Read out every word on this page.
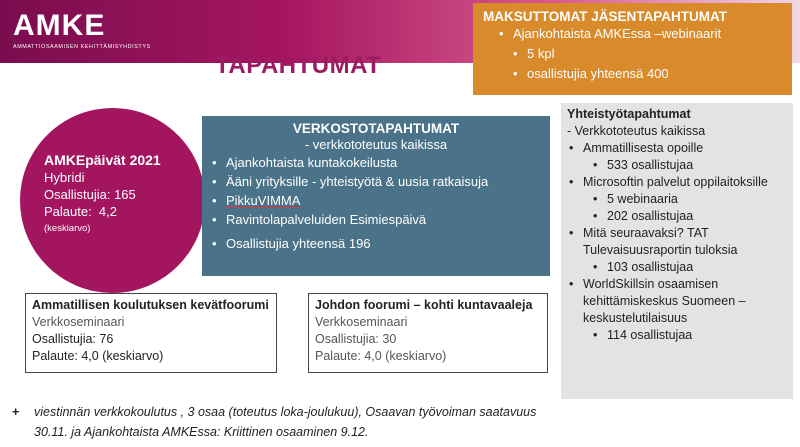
AMKE
AMMATTIOSAAMISEN KEHITTÄMISYHDISTYS
TAPAHTUMAT
MAKSUTTOMAT JÄSENTAPAHTUMAT
• Ajankohtaista AMKEssa –webinaarit
• 5 kpl
• osallistujia yhteensä 400
AMKEpäivät 2021
Hybridi
Osallistujia: 165
Palaute:  4,2
(keskiarvo)
VERKOSTOTAPAHTUMAT
- verkkototeutus kaikissa
• Ajankohtaista kuntakokeilusta
• Ääni yrityksille - yhteistyötä & uusia ratkaisuja
• PikkuVIMMA
• Ravintolapalveluiden Esimiespäivä
• Osallistujia yhteensä 196
Yhteistyötapahtumat
- Verkkototeutus kaikissa
• Ammatillisesta opoille
• 533 osallistujaa
• Microsoftin palvelut oppilaitoksille
• 5 webinaaria
• 202 osallistujaa
• Mitä seuraavaksi? TAT Tulevaisuusraportin tuloksia
• 103 osallistujaa
• WorldSkillsin osaamisen kehittämiskeskus Suomeen – keskustelutilaisuus
• 114 osallistujaa
Ammatillisen koulutuksen kevätfoorumi
Verkkoseminaari
Osallistujia: 76
Palaute: 4,0 (keskiarvo)
Johdon foorumi – kohti kuntavaaleja
Verkkoseminaari
Osallistujia: 30
Palaute: 4,0 (keskiarvo)
+	viestinnän verkkokoulutus , 3 osaa (toteutus loka-joulukuu), Osaavan työvoiman saatavuus 30.11. ja Ajankohtaista AMKEssa: Kriittinen osaaminen 9.12.
